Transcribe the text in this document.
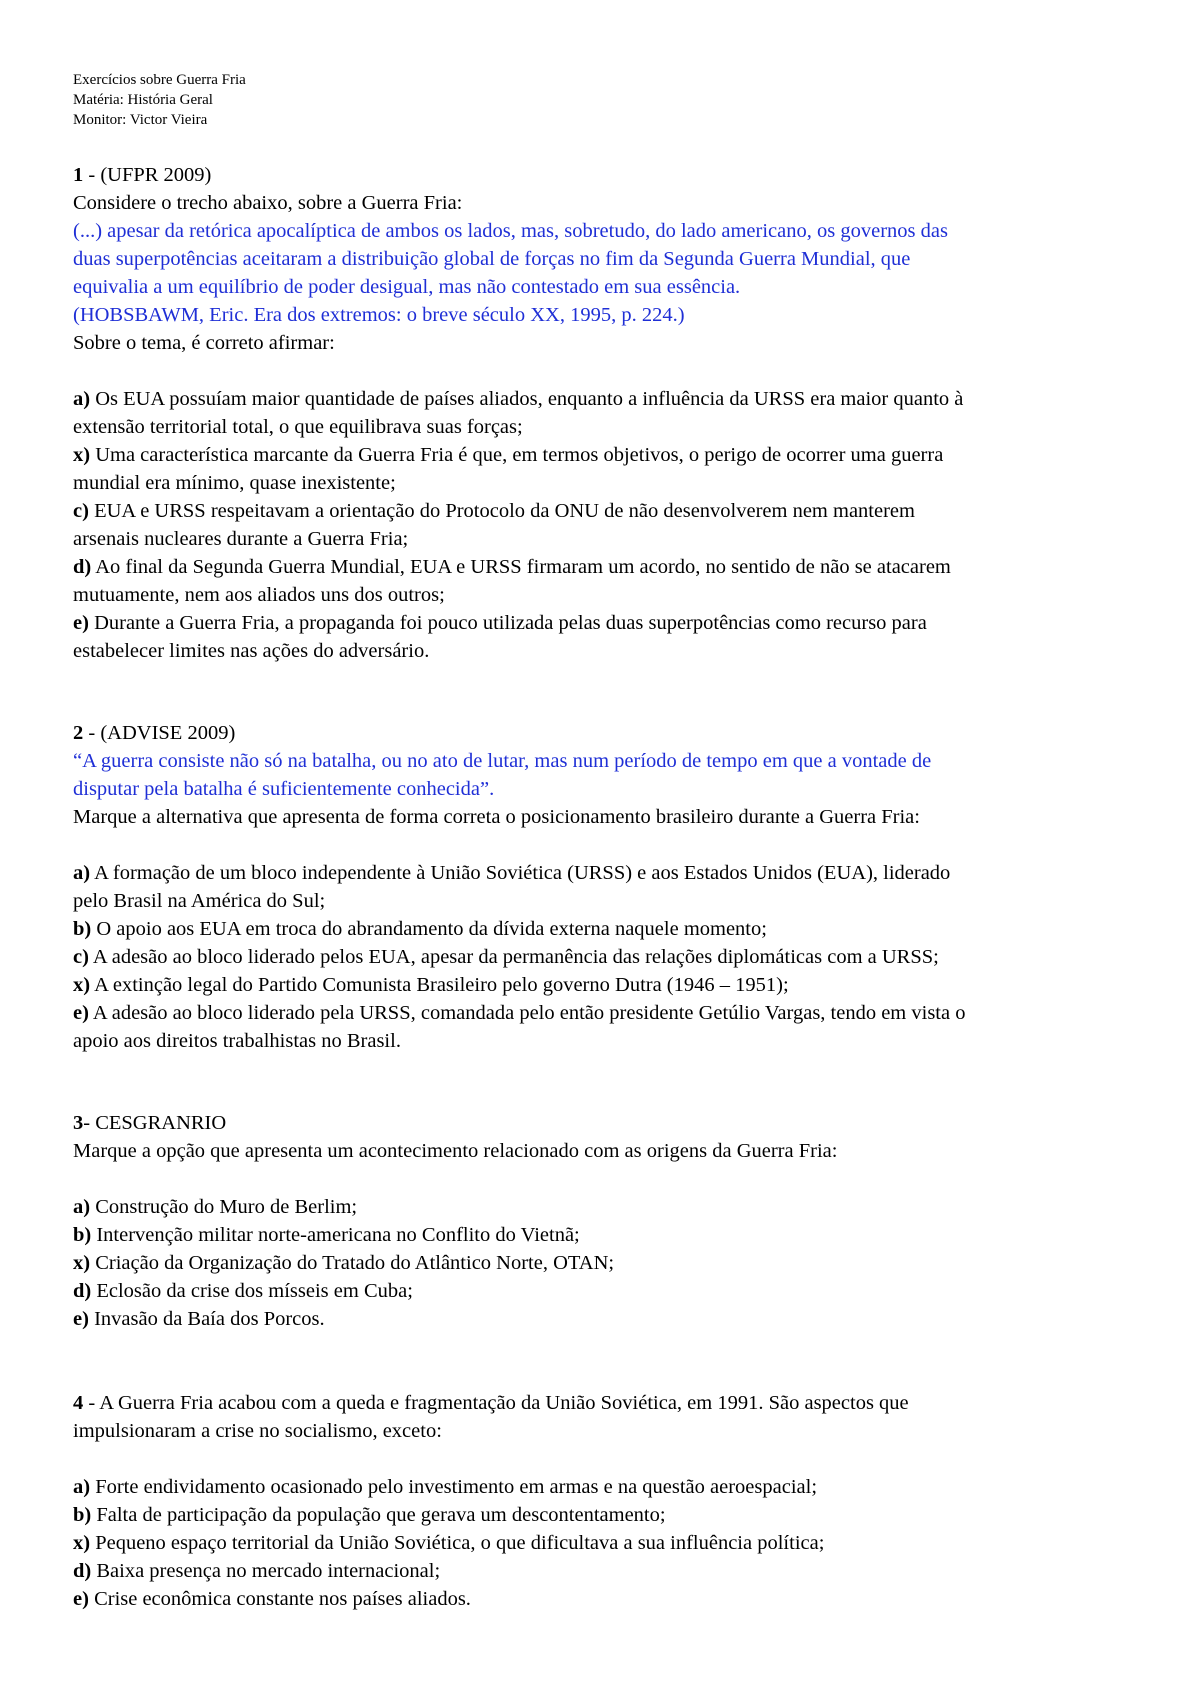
Exercícios sobre Guerra Fria
Matéria: História Geral
Monitor: Victor Vieira
1 - (UFPR 2009)
Considere o trecho abaixo, sobre a Guerra Fria:
(...) apesar da retórica apocalíptica de ambos os lados, mas, sobretudo, do lado americano, os governos das
duas superpotências aceitaram a distribuição global de forças no fim da Segunda Guerra Mundial, que
equivalia a um equilíbrio de poder desigual, mas não contestado em sua essência.
(HOBSBAWM, Eric. Era dos extremos: o breve século XX, 1995, p. 224.)
Sobre o tema, é correto afirmar:
a) Os EUA possuíam maior quantidade de países aliados, enquanto a influência da URSS era maior quanto à
extensão territorial total, o que equilibrava suas forças;
x) Uma característica marcante da Guerra Fria é que, em termos objetivos, o perigo de ocorrer uma guerra
mundial era mínimo, quase inexistente;
c) EUA e URSS respeitavam a orientação do Protocolo da ONU de não desenvolverem nem manterem
arsenais nucleares durante a Guerra Fria;
d) Ao final da Segunda Guerra Mundial, EUA e URSS firmaram um acordo, no sentido de não se atacarem
mutuamente, nem aos aliados uns dos outros;
e) Durante a Guerra Fria, a propaganda foi pouco utilizada pelas duas superpotências como recurso para
estabelecer limites nas ações do adversário.
2 - (ADVISE 2009)
“A guerra consiste não só na batalha, ou no ato de lutar, mas num período de tempo em que a vontade de
disputar pela batalha é suficientemente conhecida”.
Marque a alternativa que apresenta de forma correta o posicionamento brasileiro durante a Guerra Fria:
a) A formação de um bloco independente à União Soviética (URSS) e aos Estados Unidos (EUA), liderado
pelo Brasil na América do Sul;
b) O apoio aos EUA em troca do abrandamento da dívida externa naquele momento;
c) A adesão ao bloco liderado pelos EUA, apesar da permanência das relações diplomáticas com a URSS;
x) A extinção legal do Partido Comunista Brasileiro pelo governo Dutra (1946 – 1951);
e) A adesão ao bloco liderado pela URSS, comandada pelo então presidente Getúlio Vargas, tendo em vista o
apoio aos direitos trabalhistas no Brasil.
3- CESGRANRIO
Marque a opção que apresenta um acontecimento relacionado com as origens da Guerra Fria:
a) Construção do Muro de Berlim;
b) Intervenção militar norte-americana no Conflito do Vietnã;
x) Criação da Organização do Tratado do Atlântico Norte, OTAN;
d) Eclosão da crise dos mísseis em Cuba;
e) Invasão da Baía dos Porcos.
4 - A Guerra Fria acabou com a queda e fragmentação da União Soviética, em 1991. São aspectos que
impulsionaram a crise no socialismo, exceto:
a) Forte endividamento ocasionado pelo investimento em armas e na questão aeroespacial;
b) Falta de participação da população que gerava um descontentamento;
x) Pequeno espaço territorial da União Soviética, o que dificultava a sua influência política;
d) Baixa presença no mercado internacional;
e) Crise econômica constante nos países aliados.
